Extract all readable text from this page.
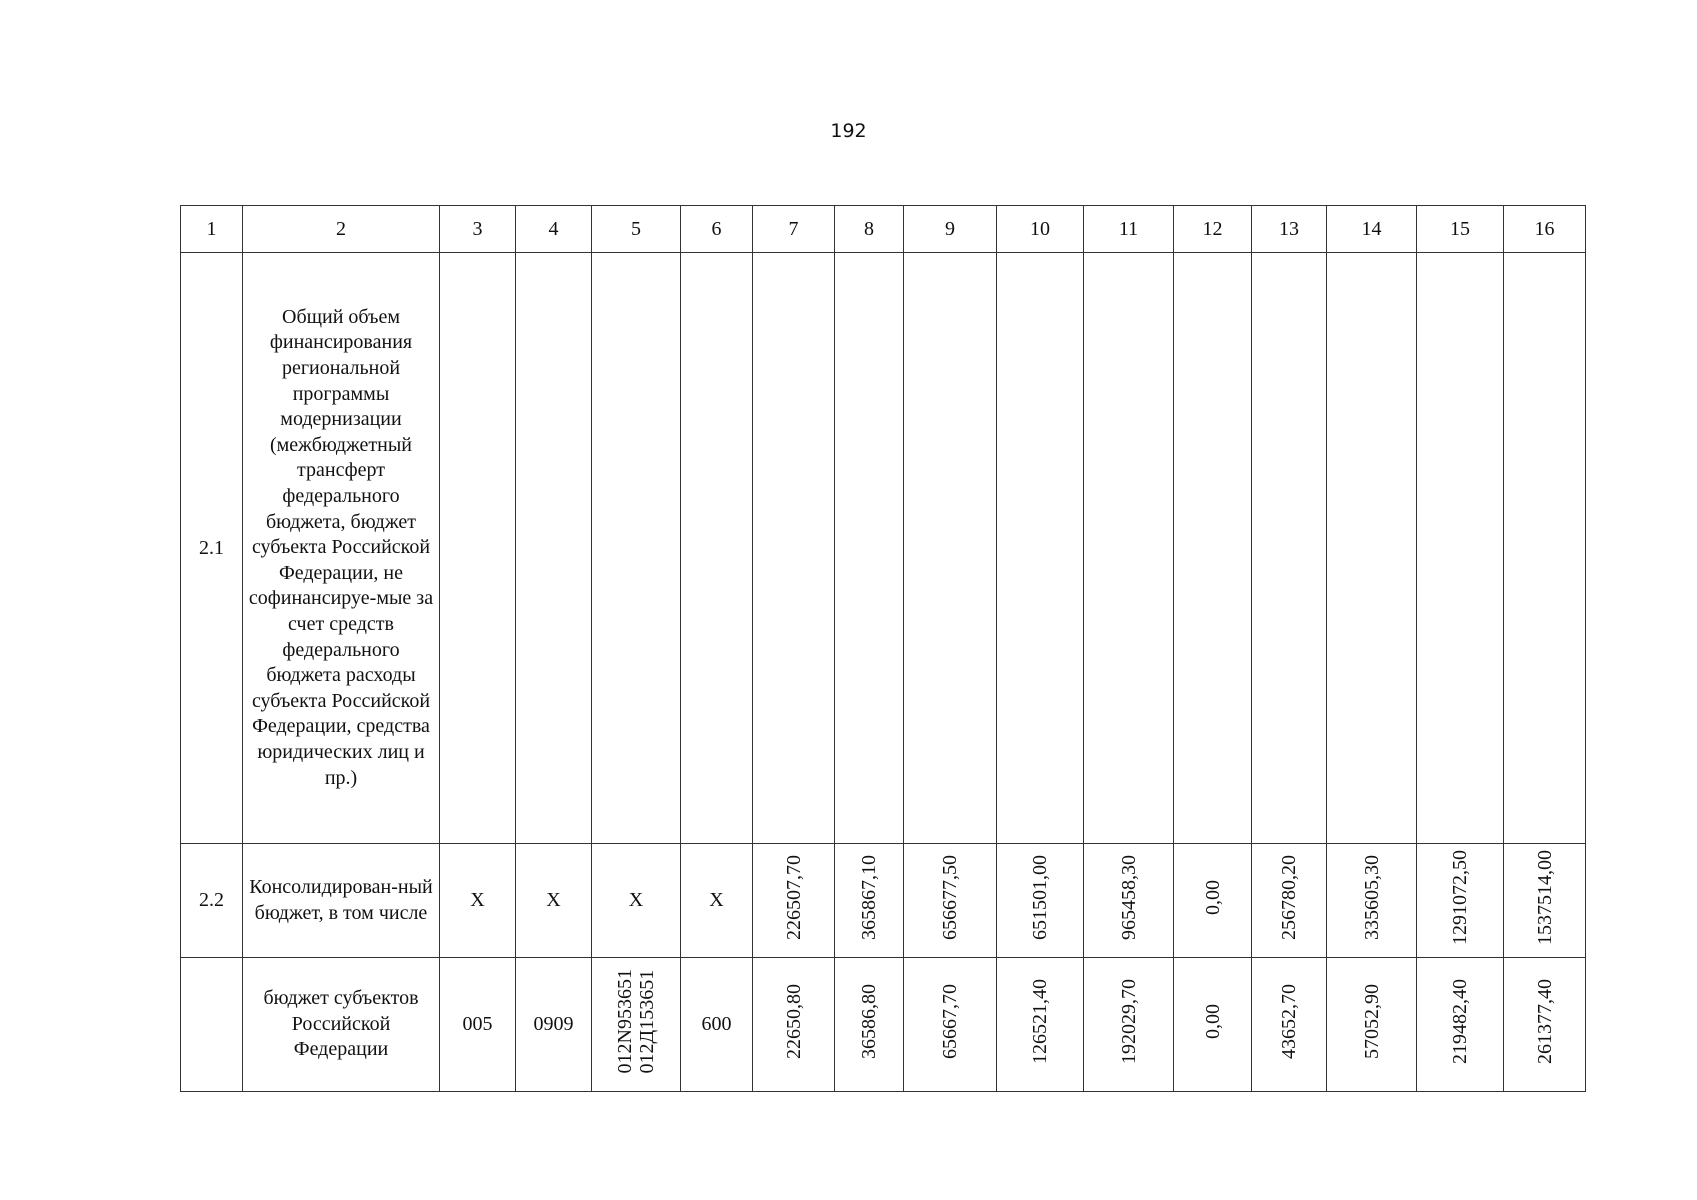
192
1	2	3	4	5	6	7	8	9	10	11	12	13	14	15	16
2.1	Общий объем финансирования региональной программы модернизации (межбюджетный трансферт федерального бюджета, бюджет субъекта Российской Федерации, не софинансируе-мые за счет средств федерального бюджета расходы субъекта Российской Федерации, средства юридических лиц и пр.)														
2.2	Консолидирован-ный бюджет, в том числе	Х	Х	Х	Х	226507,70	365867,10	656677,50	651501,00	965458,30	0,00	256780,20	335605,30	1291072,50	1537514,00
	бюджет субъектов Российской Федерации	005	0909	012N953651 012Д153651	600	22650,80	36586,80	65667,70	126521,40	192029,70	0,00	43652,70	57052,90	219482,40	261377,40
